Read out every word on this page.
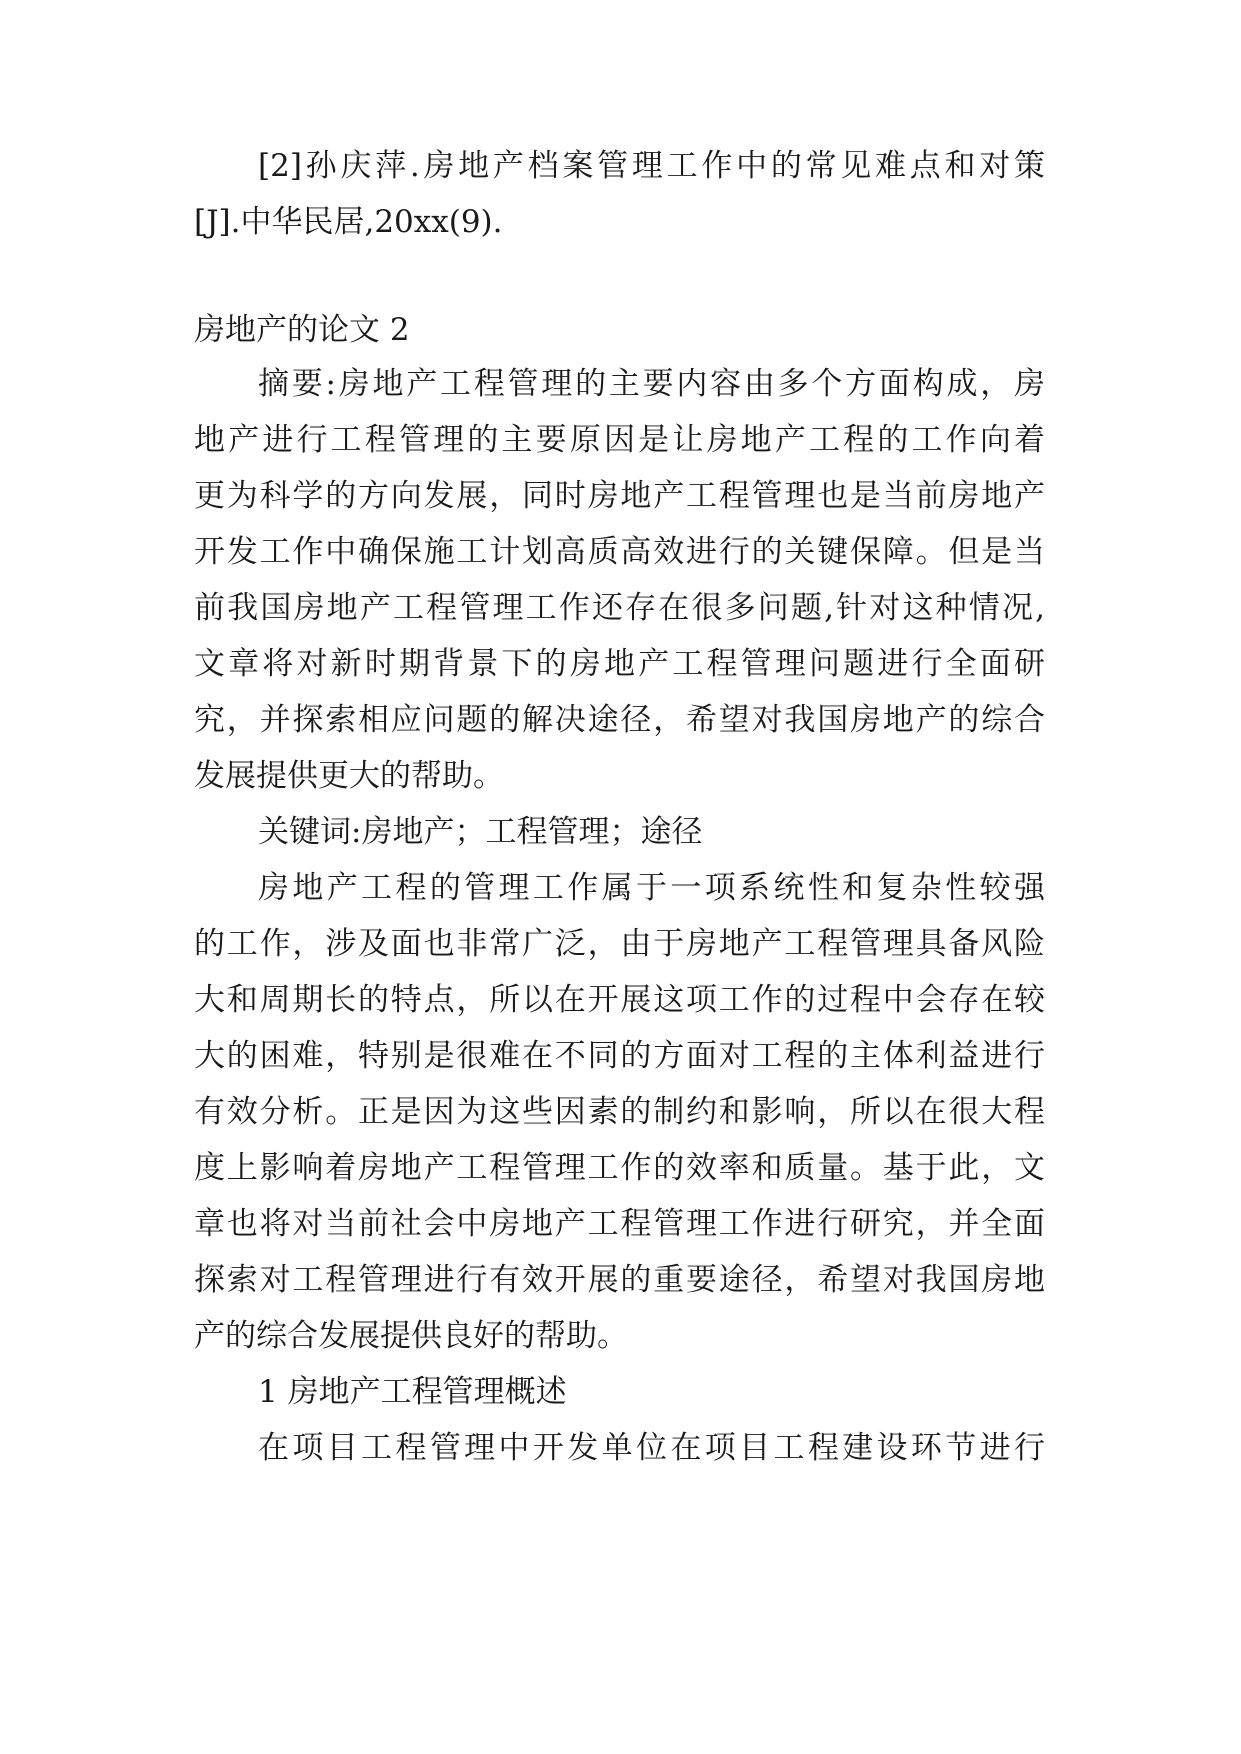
[2]孙庆萍.房地产档案管理工作中的常见难点和对策
[J].中华民居,20xx(9).
房地产的论文 2
摘要:房地产工程管理的主要内容由多个方面构成，房
地产进行工程管理的主要原因是让房地产工程的工作向着
更为科学的方向发展，同时房地产工程管理也是当前房地产
开发工作中确保施工计划高质高效进行的关键保障。但是当
前我国房地产工程管理工作还存在很多问题,针对这种情况,
文章将对新时期背景下的房地产工程管理问题进行全面研
究，并探索相应问题的解决途径，希望对我国房地产的综合
发展提供更大的帮助。
关键词:房地产；工程管理；途径
房地产工程的管理工作属于一项系统性和复杂性较强
的工作，涉及面也非常广泛，由于房地产工程管理具备风险
大和周期长的特点，所以在开展这项工作的过程中会存在较
大的困难，特别是很难在不同的方面对工程的主体利益进行
有效分析。正是因为这些因素的制约和影响，所以在很大程
度上影响着房地产工程管理工作的效率和质量。基于此，文
章也将对当前社会中房地产工程管理工作进行研究，并全面
探索对工程管理进行有效开展的重要途径，希望对我国房地
产的综合发展提供良好的帮助。
1 房地产工程管理概述
在项目工程管理中开发单位在项目工程建设环节进行
